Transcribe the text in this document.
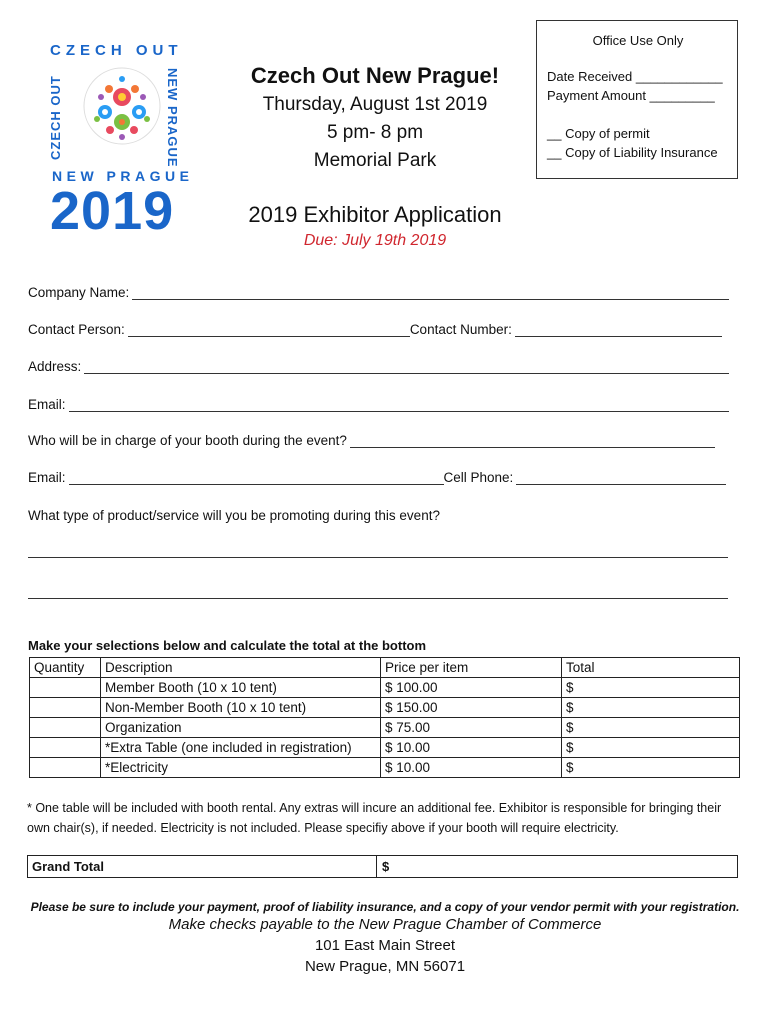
CZECH OUT
CZECH OUT	NEW PRAGUE
NEW PRAGUE
2019
Czech Out New Prague!
Thursday, August 1st 2019
5 pm- 8 pm
Memorial Park
2019 Exhibitor Application
Due: July 19th 2019
Office Use Only
Date Received ____________
Payment Amount _________
__ Copy of permit
__ Copy of Liability Insurance
Company Name:
Contact Person:	Contact Number:
Address:
Email:
Who will be in charge of your booth during the event?
Email:	Cell Phone:
What type of product/service will you be promoting during this event?
Make your selections below and calculate the total at the bottom
Quantity	Description	Price per item	Total
	Member Booth (10 x 10 tent)	$ 100.00	$
	Non-Member Booth (10 x 10 tent)	$ 150.00	$
	Organization	$ 75.00	$
	*Extra Table (one included in registration)	$ 10.00	$
	*Electricity	$ 10.00	$
* One table will be included with booth rental. Any extras will incure an additional fee. Exhibitor is responsible for bringing their own chair(s), if needed. Electricity is not included. Please specifiy above if your booth will require electricity.
Grand Total	$
Please be sure to include your payment, proof of liability insurance, and a copy of your vendor permit with your registration.
Make checks payable to the New Prague Chamber of Commerce
101 East Main Street
New Prague, MN 56071
